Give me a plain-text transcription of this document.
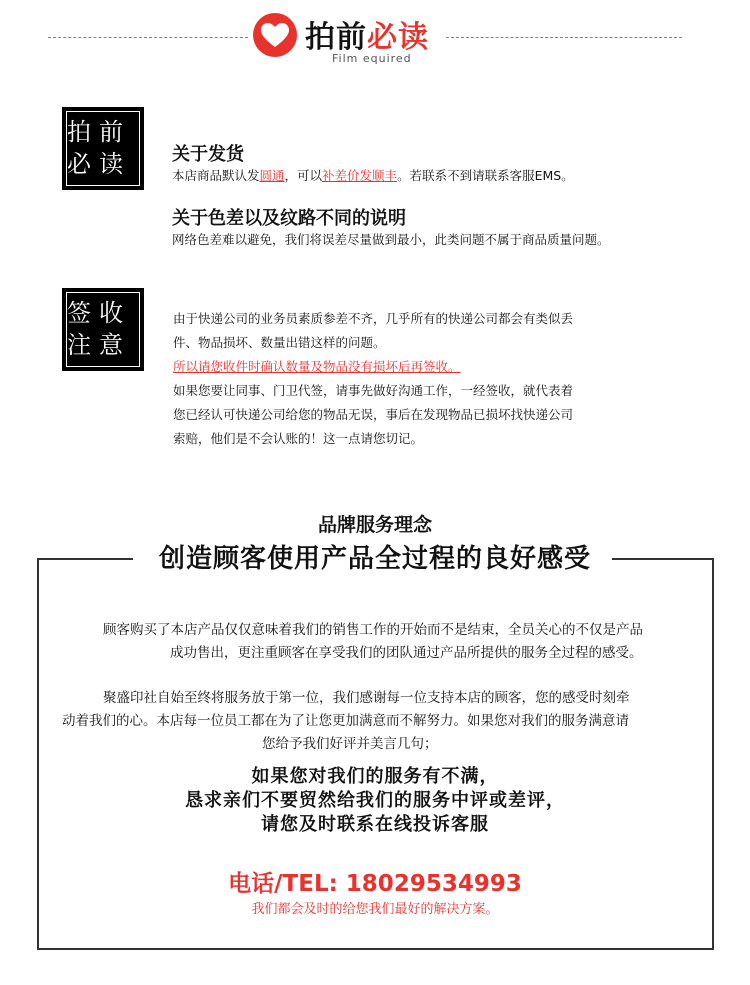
拍前必读
Film equired
拍前
必读 关于发货
本店商品默认发圆通，可以补差价发顺丰。若联系不到请联系客服EMS。
关于色差以及纹路不同的说明
网络色差难以避免，我们将误差尽量做到最小，此类问题不属于商品质量问题。
签收
注意
由于快递公司的业务员素质参差不齐，几乎所有的快递公司都会有类似丢
件、物品损坏、数量出错这样的问题。
所以请您收件时确认数量及物品没有损坏后再签收。
如果您要让同事、门卫代签，请事先做好沟通工作，一经签收，就代表着
您已经认可快递公司给您的物品无误，事后在发现物品已损坏找快递公司
索赔，他们是不会认账的！这一点请您切记。
品牌服务理念
创造顾客使用产品全过程的良好感受
顾客购买了本店产品仅仅意味着我们的销售工作的开始而不是结束，全员关心的不仅是产品
成功售出，更注重顾客在享受我们的团队通过产品所提供的服务全过程的感受。
聚盛印社自始至终将服务放于第一位，我们感谢每一位支持本店的顾客，您的感受时刻牵
动着我们的心。本店每一位员工都在为了让您更加满意而不解努力。如果您对我们的服务满意请
您给予我们好评并美言几句；
如果您对我们的服务有不满，
恳求亲们不要贸然给我们的服务中评或差评，
请您及时联系在线投诉客服
电话/TEL: 18029534993
我们都会及时的给您我们最好的解决方案。
